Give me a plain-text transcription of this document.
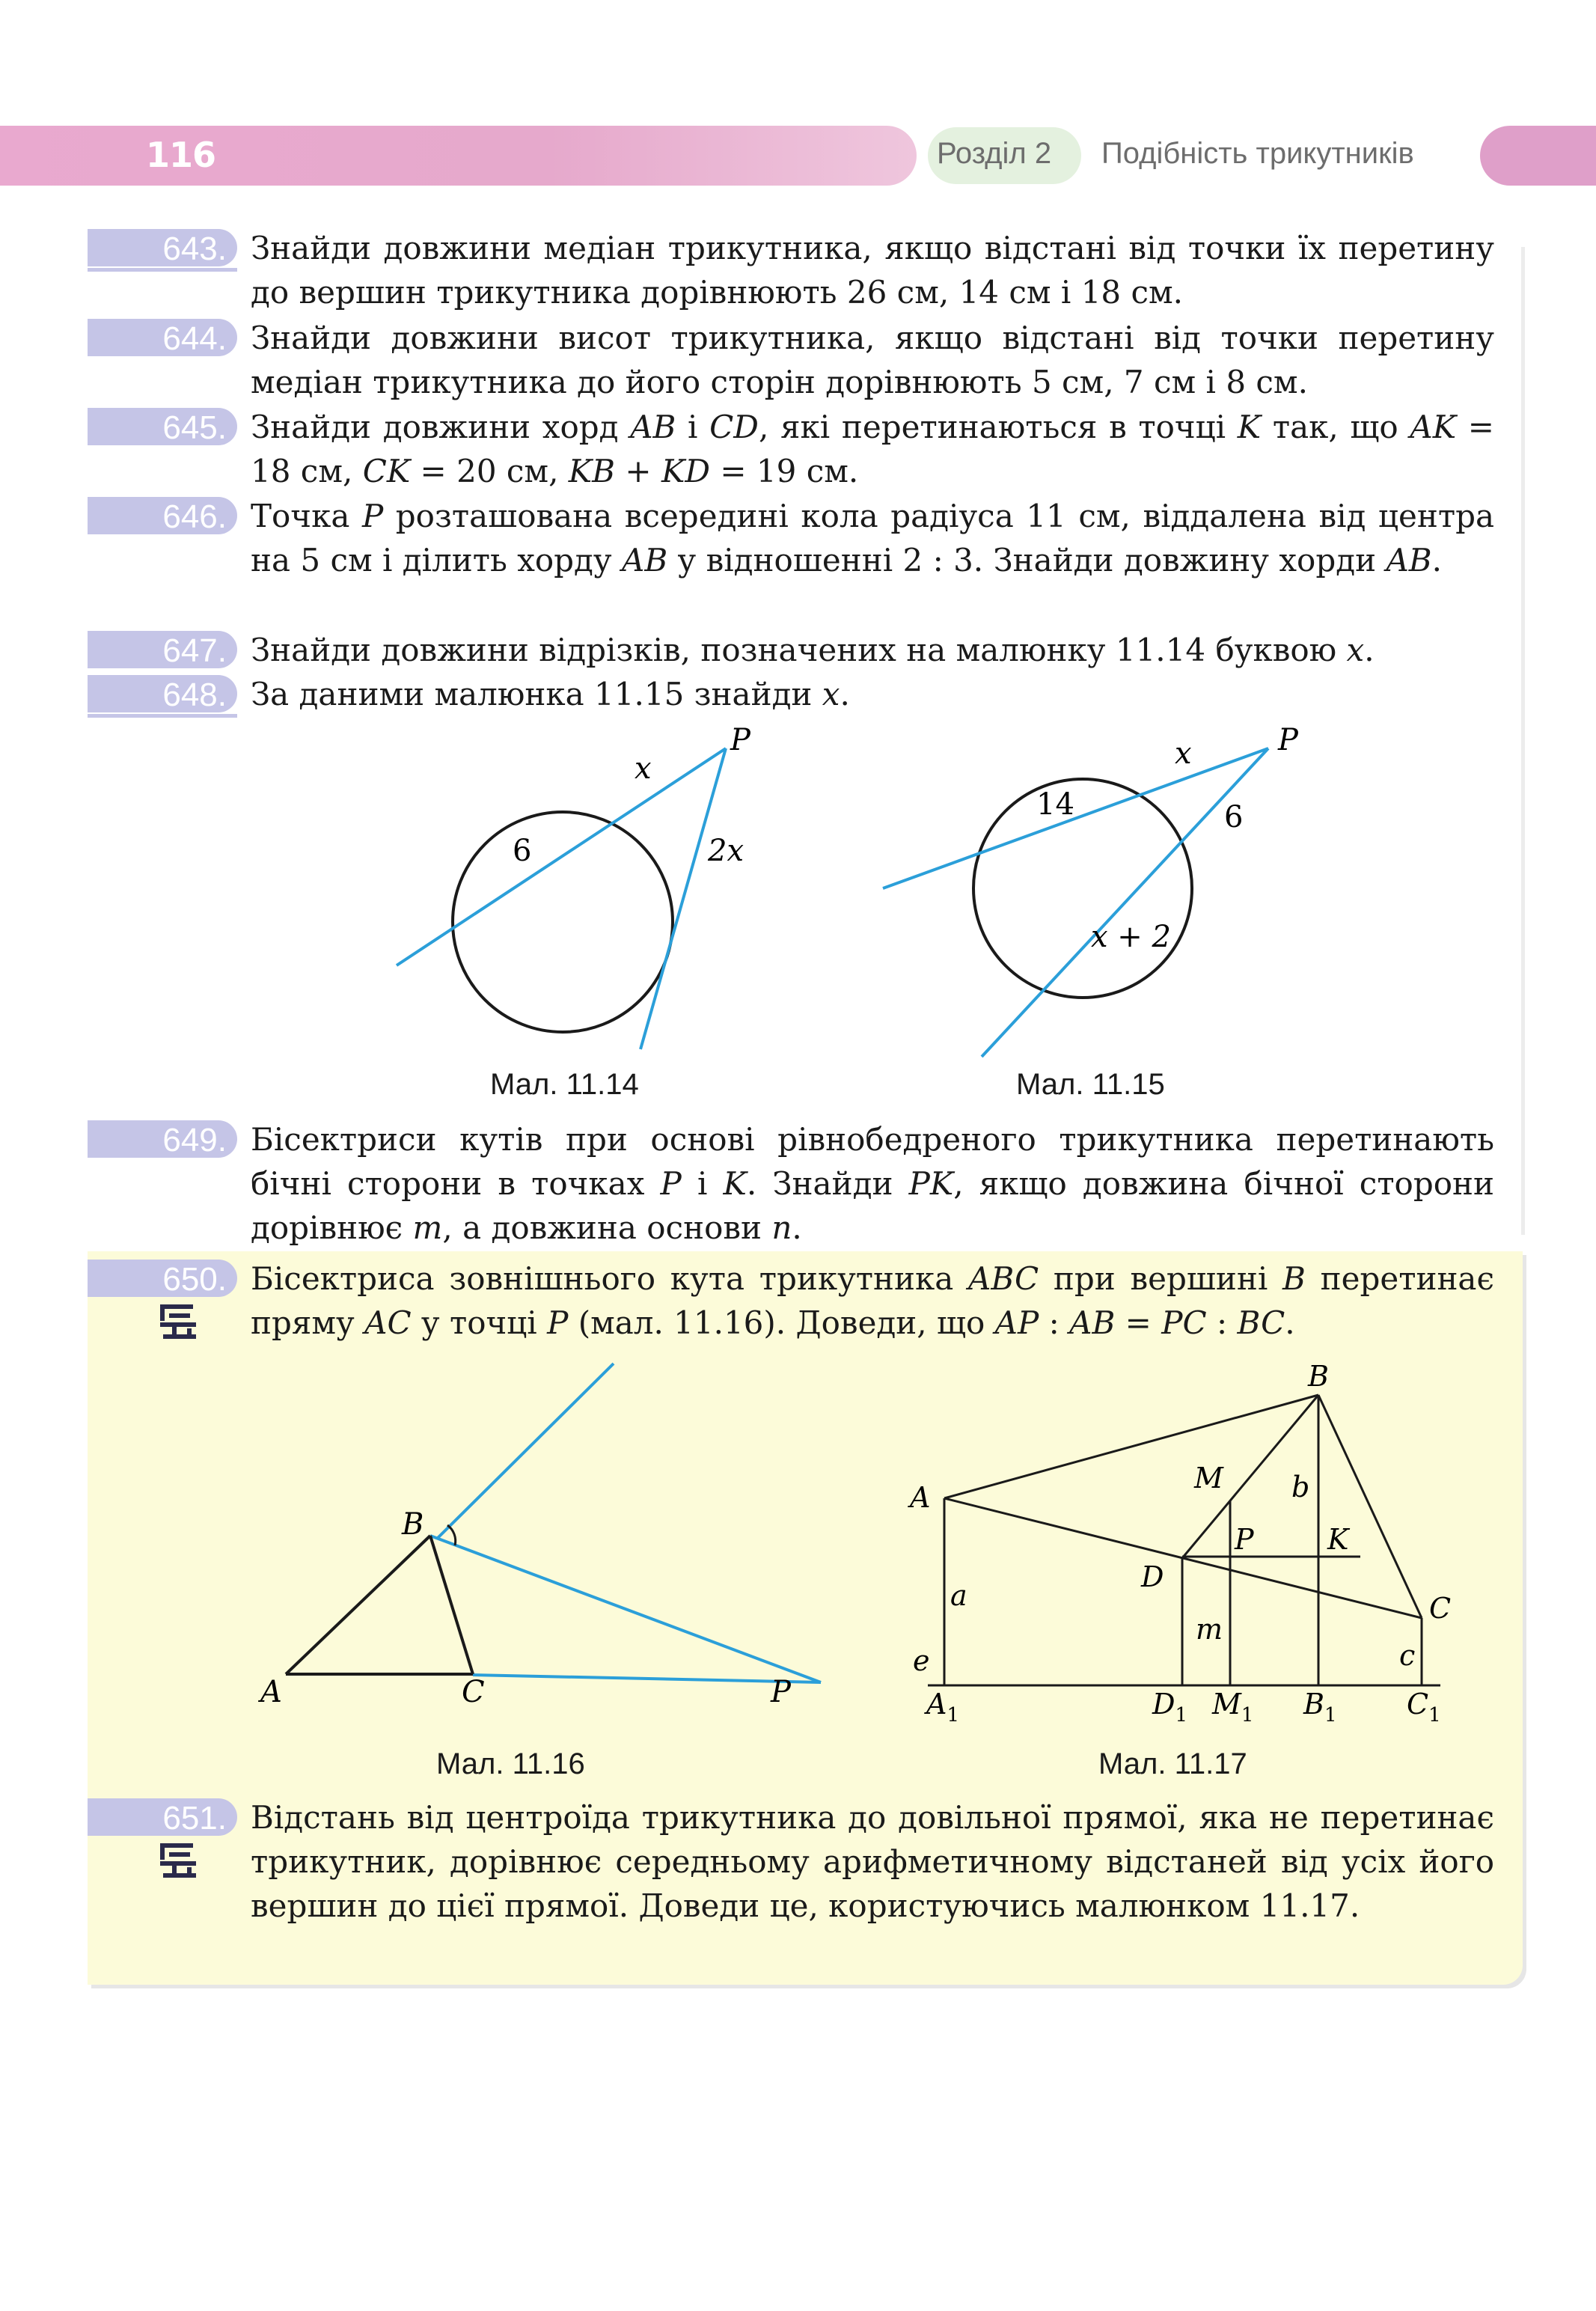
116	Розділ 2 Подібність трикутників
643. Знайди довжини медіан трикутника, якщо відстані від точки їх перетину до вершин трикутника дорівнюють 26 см, 14 см і 18 см.
644. Знайди довжини висот трикутника, якщо відстані від точки перетину медіан трикутника до його сторін дорівнюють 5 см, 7 см і 8 см.
645. Знайди довжини хорд AB і CD, які перетинаються в точці K так, що AK = 18 см, CK = 20 см, KB + KD = 19 см.
646. Точка P розташована всередині кола радіуса 11 см, віддалена від центра на 5 см і ділить хорду AB у відношенні 2 : 3. Знайди довжину хорди AB.
647. Знайди довжини відрізків, позначених на малюнку 11.14 буквою x.
648. За даними малюнка 11.15 знайди x.
x
P
6	2x
Мал. 11.14
x	P
14	6
x + 2
Мал. 11.15
649. Бісектриси кутів при основі рівнобедреного трикутника перетинають бічні сторони в точках P і K. Знайди PK, якщо довжина бічної сторони дорівнює m, а довжина основи n.
650. Бісектриса зовнішнього кута трикутника ABC при вершині B перетинає пряму AC у точці P (мал. 11.16). Доведи, що AP : AB = PC : BC.
A
B
C	P
Мал. 11.16
B
A
M b
P	K
D
C
a
m
c
e
$A_1$	$D_1$ $M_1$ $B_1$ $C_1$
Мал. 11.17
651. Відстань від центроїда трикутника до довільної прямої, яка не перетинає трикутник, дорівнює середньому арифметичному відстаней від усіх його вершин до цієї прямої. Доведи це, користуючись малюнком 11.17.
